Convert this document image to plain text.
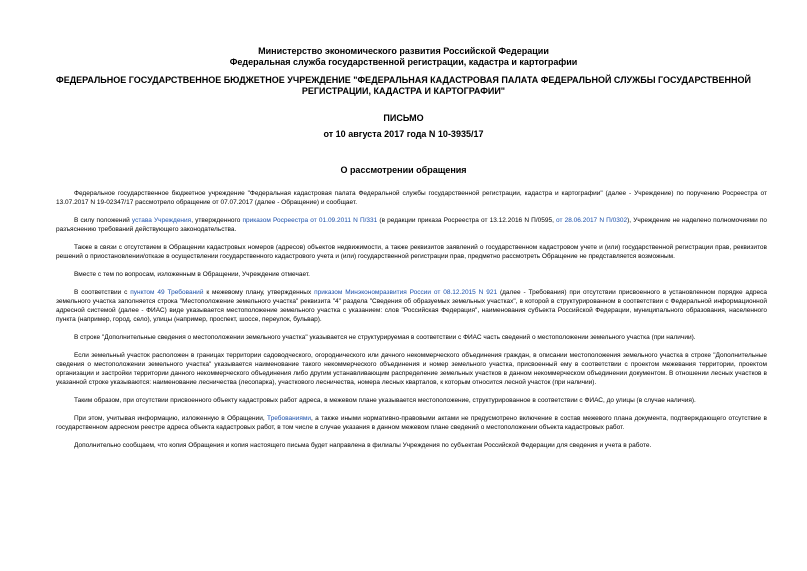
Министерство экономического развития Российской Федерации
Федеральная служба государственной регистрации, кадастра и картографии
ФЕДЕРАЛЬНОЕ ГОСУДАРСТВЕННОЕ БЮДЖЕТНОЕ УЧРЕЖДЕНИЕ "ФЕДЕРАЛЬНАЯ КАДАСТРОВАЯ ПАЛАТА ФЕДЕРАЛЬНОЙ СЛУЖБЫ ГОСУДАРСТВЕННОЙ
РЕГИСТРАЦИИ, КАДАСТРА И КАРТОГРАФИИ"
ПИСЬМО
от 10 августа 2017 года N 10-3935/17
О рассмотрении обращения

Федеральное государственное бюджетное учреждение "Федеральная кадастровая палата Федеральной службы государственной регистрации, кадастра и картографии" (далее - Учреждение) по поручению Росреестра от 13.07.2017 N 19-02347/17 рассмотрело обращение от 07.07.2017 (далее - Обращение) и сообщает.

В силу положений устава Учреждения, утвержденного приказом Росреестра от 01.09.2011 N П/331 (в редакции приказа Росреестра от 13.12.2016 N П/0595, от 28.06.2017 N П/0302), Учреждение не наделено полномочиями по разъяснению требований действующего законодательства.

Также в связи с отсутствием в Обращении кадастровых номеров (адресов) объектов недвижимости, а также реквизитов заявлений о государственном кадастровом учете и (или) государственной регистрации прав, реквизитов решений о приостановлении/отказе в осуществлении государственного кадастрового учета и (или) государственной регистрации прав, предметно рассмотреть Обращение не представляется возможным.

Вместе с тем по вопросам, изложенным в Обращении, Учреждение отмечает.

В соответствии с пунктом 49 Требований к межевому плану, утвержденных приказом Минэкономразвития России от 08.12.2015 N 921 (далее - Требования) при отсутствии присвоенного в установленном порядке адреса земельного участка заполняется строка "Местоположение земельного участка" реквизита "4" раздела "Сведения об образуемых земельных участках", в которой в структурированном в соответствии с Федеральной информационной адресной системой (далее - ФИАС) виде указывается местоположение земельного участка с указанием: слов "Российская Федерация", наименования субъекта Российской Федерации, муниципального образования, населенного пункта (например, город, село), улицы (например, проспект, шоссе, переулок, бульвар).

В строке "Дополнительные сведения о местоположении земельного участка" указывается не структурируемая в соответствии с ФИАС часть сведений о местоположении земельного участка (при наличии).

Если земельный участок расположен в границах территории садоводческого, огороднического или дачного некоммерческого объединения граждан, в описании местоположения земельного участка в строке "Дополнительные сведения о местоположении земельного участка" указывается наименование такого некоммерческого объединения и номер земельного участка, присвоенный ему в соответствии с проектом межевания территории, проектом организации и застройки территории данного некоммерческого объединения либо другим устанавливающим распределение земельных участков в данном некоммерческом объединении документом. В отношении лесных участков в указанной строке указываются: наименование лесничества (лесопарка), участкового лесничества, номера лесных кварталов, к которым относится лесной участок (при наличии).

Таким образом, при отсутствии присвоенного объекту кадастровых работ адреса, в межевом плане указывается местоположение, структурированное в соответствии с ФИАС, до улицы (в случае наличия).

При этом, учитывая информацию, изложенную в Обращении, Требованиями, а также иными нормативно-правовыми актами не предусмотрено включение в состав межевого плана документа, подтверждающего отсутствие в государственном адресном реестре адреса объекта кадастровых работ, в том числе в случае указания в данном межевом плане сведений о местоположении объекта кадастровых работ.

Дополнительно сообщаем, что копия Обращения и копия настоящего письма будет направлена в филиалы Учреждения по субъектам Российской Федерации для сведения и учета в работе.
